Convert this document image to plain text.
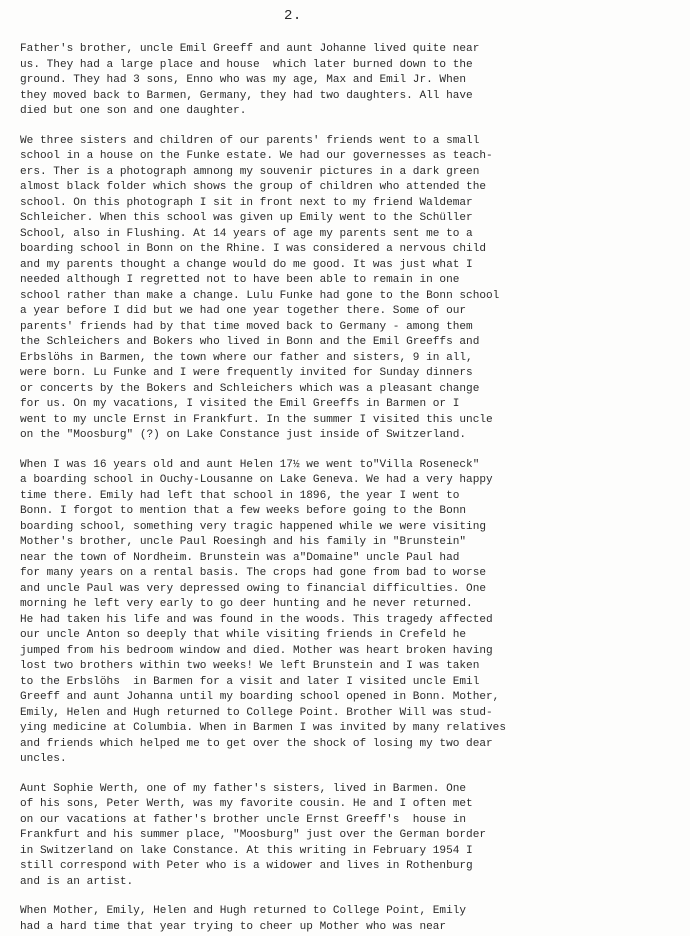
2.
Father's brother, uncle Emil Greeff and aunt Johanne lived quite near
us. They had a large place and house  which later burned down to the
ground. They had 3 sons, Enno who was my age, Max and Emil Jr. When
they moved back to Barmen, Germany, they had two daughters. All have
died but one son and one daughter.
We three sisters and children of our parents' friends went to a small
school in a house on the Funke estate. We had our governesses as teach-
ers. Ther is a photograph amnong my souvenir pictures in a dark green
almost black folder which shows the group of children who attended the
school. On this photograph I sit in front next to my friend Waldemar
Schleicher. When this school was given up Emily went to the Schüller
School, also in Flushing. At 14 years of age my parents sent me to a
boarding school in Bonn on the Rhine. I was considered a nervous child
and my parents thought a change would do me good. It was just what I
needed although I regretted not to have been able to remain in one
school rather than make a change. Lulu Funke had gone to the Bonn school
a year before I did but we had one year together there. Some of our
parents' friends had by that time moved back to Germany - among them
the Schleichers and Bokers who lived in Bonn and the Emil Greeffs and
Erbslöhs in Barmen, the town where our father and sisters, 9 in all,
were born. Lu Funke and I were frequently invited for Sunday dinners
or concerts by the Bokers and Schleichers which was a pleasant change
for us. On my vacations, I visited the Emil Greeffs in Barmen or I
went to my uncle Ernst in Frankfurt. In the summer I visited this uncle
on the "Moosburg" (?) on Lake Constance just inside of Switzerland.
When I was 16 years old and aunt Helen 17½ we went to"Villa Roseneck"
a boarding school in Ouchy-Lousanne on Lake Geneva. We had a very happy
time there. Emily had left that school in 1896, the year I went to
Bonn. I forgot to mention that a few weeks before going to the Bonn
boarding school, something very tragic happened while we were visiting
Mother's brother, uncle Paul Roesingh and his family in "Brunstein"
near the town of Nordheim. Brunstein was a"Domaine" uncle Paul had
for many years on a rental basis. The crops had gone from bad to worse
and uncle Paul was very depressed owing to financial difficulties. One
morning he left very early to go deer hunting and he never returned.
He had taken his life and was found in the woods. This tragedy affected
our uncle Anton so deeply that while visiting friends in Crefeld he
jumped from his bedroom window and died. Mother was heart broken having
lost two brothers within two weeks! We left Brunstein and I was taken
to the Erbslöhs  in Barmen for a visit and later I visited uncle Emil
Greeff and aunt Johanna until my boarding school opened in Bonn. Mother,
Emily, Helen and Hugh returned to College Point. Brother Will was stud-
ying medicine at Columbia. When in Barmen I was invited by many relatives
and friends which helped me to get over the shock of losing my two dear
uncles.
Aunt Sophie Werth, one of my father's sisters, lived in Barmen. One
of his sons, Peter Werth, was my favorite cousin. He and I often met
on our vacations at father's brother uncle Ernst Greeff's  house in
Frankfurt and his summer place, "Moosburg" just over the German border
in Switzerland on lake Constance. At this writing in February 1954 I
still correspond with Peter who is a widower and lives in Rothenburg
and is an artist.
When Mother, Emily, Helen and Hugh returned to College Point, Emily
had a hard time that year trying to cheer up Mother who was near
